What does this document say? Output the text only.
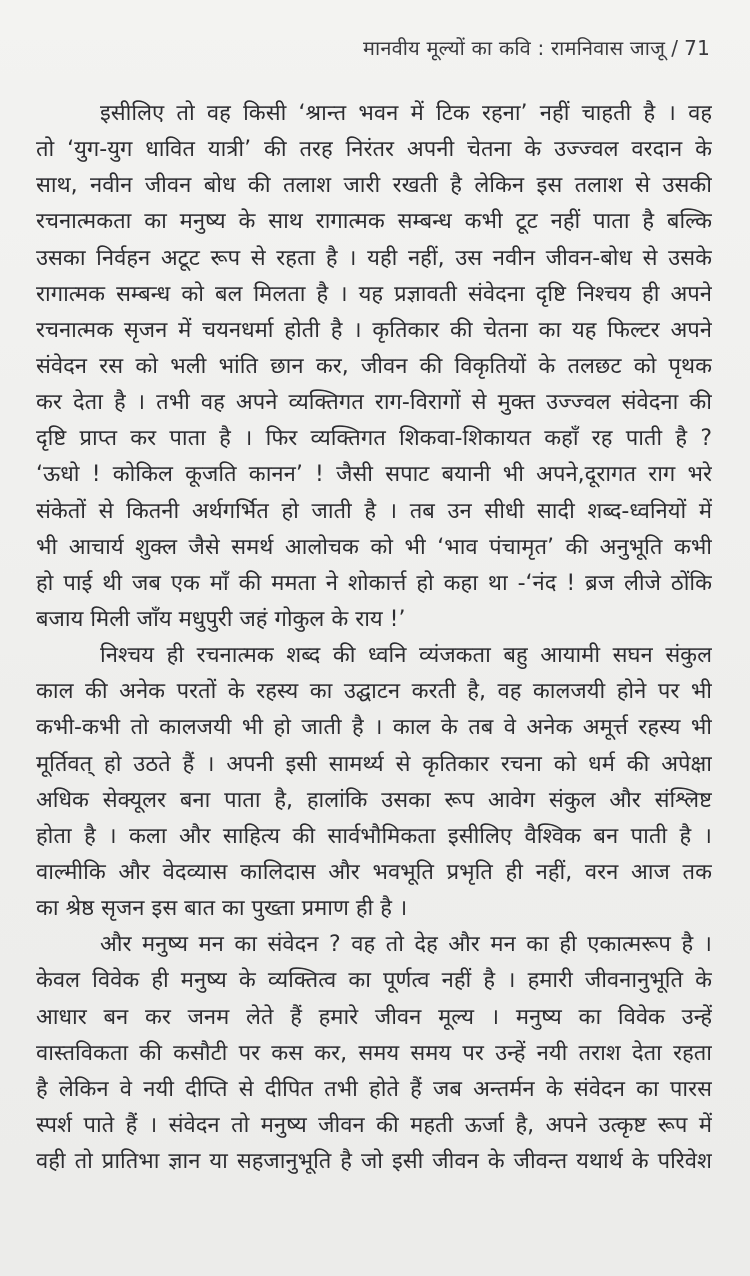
मानवीय मूल्यों का कवि : रामनिवास जाजू / 71
इसीलिए तो वह किसी ‘श्रान्त भवन में टिक रहना’ नहीं चाहती है । वह
तो ‘युग-युग धावित यात्री’ की तरह निरंतर अपनी चेतना के उज्ज्वल वरदान के
साथ, नवीन जीवन बोध की तलाश जारी रखती है लेकिन इस तलाश से उसकी
रचनात्मकता का मनुष्य के साथ रागात्मक सम्बन्ध कभी टूट नहीं पाता है बल्कि
उसका निर्वहन अटूट रूप से रहता है । यही नहीं, उस नवीन जीवन-बोध से उसके
रागात्मक सम्बन्ध को बल मिलता है । यह प्रज्ञावती संवेदना दृष्टि निश्चय ही अपने
रचनात्मक सृजन में चयनधर्मा होती है । कृतिकार की चेतना का यह फिल्टर अपने
संवेदन रस को भली भांति छान कर, जीवन की विकृतियों के तलछट को पृथक
कर देता है । तभी वह अपने व्यक्तिगत राग-विरागों से मुक्त उज्ज्वल संवेदना की
दृष्टि प्राप्त कर पाता है । फिर व्यक्तिगत शिकवा-शिकायत कहाँ रह पाती है ?
‘ऊधो ! कोकिल कूजति कानन’ ! जैसी सपाट बयानी भी अपने,दूरागत राग भरे
संकेतों से कितनी अर्थगर्भित हो जाती है । तब उन सीधी सादी शब्द-ध्वनियों में
भी आचार्य शुक्ल जैसे समर्थ आलोचक को भी ‘भाव पंचामृत’ की अनुभूति कभी
हो पाई थी जब एक माँ की ममता ने शोकार्त्त हो कहा था -‘नंद ! ब्रज लीजे ठोंकि
बजाय मिली जाँय मधुपुरी जहं गोकुल के राय !’
निश्चय ही रचनात्मक शब्द की ध्वनि व्यंजकता बहु आयामी सघन संकुल
काल की अनेक परतों के रहस्य का उद्घाटन करती है, वह कालजयी होने पर भी
कभी-कभी तो कालजयी भी हो जाती है । काल के तब वे अनेक अमूर्त्त रहस्य भी
मूर्तिवत् हो उठते हैं । अपनी इसी सामर्थ्य से कृतिकार रचना को धर्म की अपेक्षा
अधिक सेक्यूलर बना पाता है, हालांकि उसका रूप आवेग संकुल और संश्लिष्ट
होता है । कला और साहित्य की सार्वभौमिकता इसीलिए वैश्विक बन पाती है ।
वाल्मीकि और वेदव्यास कालिदास और भवभूति प्रभृति ही नहीं, वरन आज तक
का श्रेष्ठ सृजन इस बात का पुख्ता प्रमाण ही है ।
और मनुष्य मन का संवेदन ? वह तो देह और मन का ही एकात्मरूप है ।
केवल विवेक ही मनुष्य के व्यक्तित्व का पूर्णत्व नहीं है । हमारी जीवनानुभूति के
आधार बन कर जनम लेते हैं हमारे जीवन मूल्य । मनुष्य का विवेक उन्हें
वास्तविकता की कसौटी पर कस कर, समय समय पर उन्हें नयी तराश देता रहता
है लेकिन वे नयी दीप्ति से दीपित तभी होते हैं जब अन्तर्मन के संवेदन का पारस
स्पर्श पाते हैं । संवेदन तो मनुष्य जीवन की महती ऊर्जा है, अपने उत्कृष्ट रूप में
वही तो प्रातिभा ज्ञान या सहजानुभूति है जो इसी जीवन के जीवन्त यथार्थ के परिवेश
